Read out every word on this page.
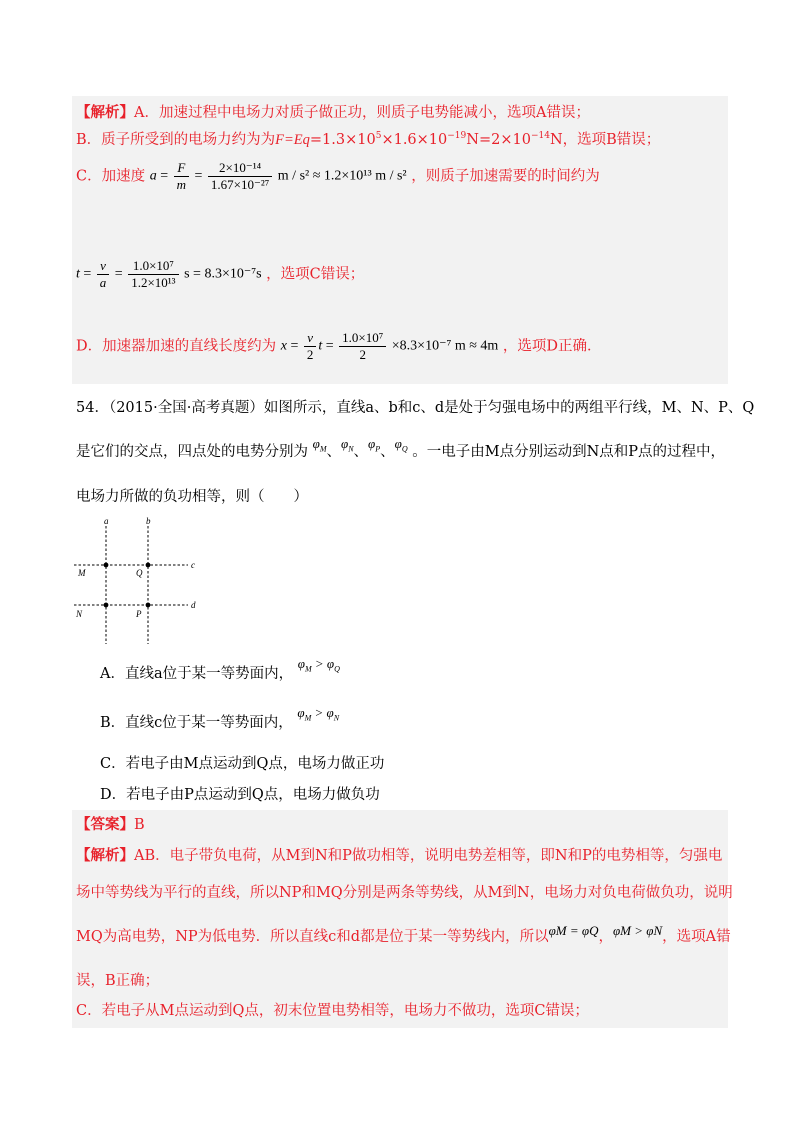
【解析】A．加速过程中电场力对质子做正功，则质子电势能减小，选项A错误；
B．质子所受到的电场力约为为$F=Eq=1.3\times 10^5\times 1.6\times 10^{-19}N=2\times 10^{-14}N$，选项B错误；
C．加速度 $a = \frac{F}{m} = \frac{\text{2×10⁻¹⁴}}{\text{1.67×10⁻²⁷}}$ m / s² ≈ 1.2×10¹³ m / s² ，则质子加速需要的时间约为
$t = \frac{v}{a} = \frac{\text{1.0×10⁷}}{\text{1.2×10¹³}}$ s = 8.3×10⁻⁷s ，选项C错误；
D．加速器加速的直线长度约为 $x = \frac{v}{2}$ $t = \frac{\text{1.0×10⁷}}{2} \times 8.3\times 10^{-7}$ m ≈ 4m ，选项D正确．
54．（2015·全国·高考真题）如图所示，直线a、b和c、d是处于匀强电场中的两组平行线，M、N、P、Q
是它们的交点，四点处的电势分别为 $\varphi_M$、$\varphi_N$、$\varphi_P$、$\varphi_Q$ 。一电子由M点分别运动到N点和P点的过程中，
电场力所做的负功相等，则（　　）
a	b
c
d
M	Q
N	P
A．直线a位于某一等势面内， $\varphi_M > \varphi_Q$
B．直线c位于某一等势面内， $\varphi_M > \varphi_N$
C．若电子由M点运动到Q点，电场力做正功
D．若电子由P点运动到Q点，电场力做负功
【答案】B
【解析】AB．电子带负电荷，从M到N和P做功相等，说明电势差相等，即N和P的电势相等，匀强电
场中等势线为平行的直线，所以NP和MQ分别是两条等势线，从M到N，电场力对负电荷做负功，说明
MQ为高电势，NP为低电势．所以直线c和d都是位于某一等势线内，所以φM = φQ，φM > φN，选项A错
误，B正确；
C．若电子从M点运动到Q点，初末位置电势相等，电场力不做功，选项C错误；
